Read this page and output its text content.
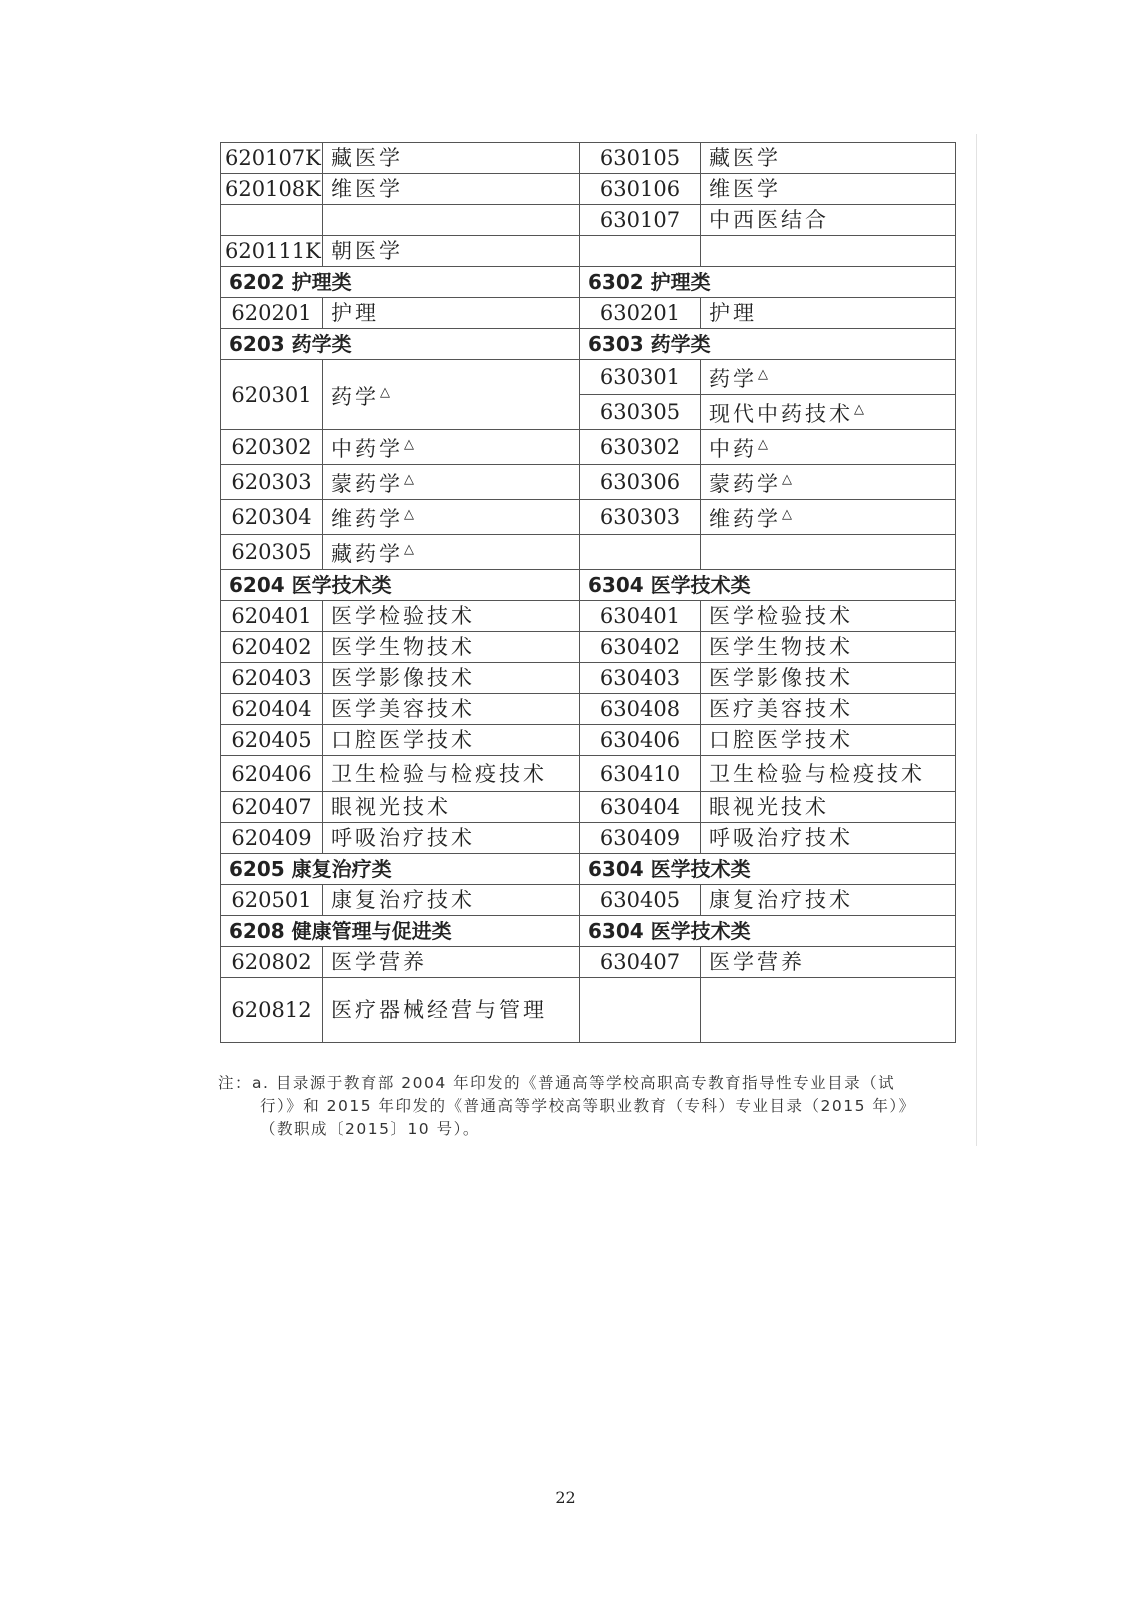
620107K	藏医学	630105	藏医学
620108K	维医学	630106	维医学
		630107	中西医结合
620111K	朝医学		
6202 护理类		6302 护理类	
620201	护理	630201	护理
6203 药学类		6303 药学类	
620301	药学△	630301	药学△
		630305	现代中药技术△
620302	中药学△	630302	中药△
620303	蒙药学△	630306	蒙药学△
620304	维药学△	630303	维药学△
620305	藏药学△		
6204 医学技术类		6304 医学技术类	
620401	医学检验技术	630401	医学检验技术
620402	医学生物技术	630402	医学生物技术
620403	医学影像技术	630403	医学影像技术
620404	医学美容技术	630408	医疗美容技术
620405	口腔医学技术	630406	口腔医学技术
620406	卫生检验与检疫技术	630410	卫生检验与检疫技术
620407	眼视光技术	630404	眼视光技术
620409	呼吸治疗技术	630409	呼吸治疗技术
6205 康复治疗类		6304 医学技术类	
620501	康复治疗技术	630405	康复治疗技术
6208 健康管理与促进类		6304 医学技术类	
620802	医学营养	630407	医学营养
620812	医疗器械经营与管理		
注：a. 目录源于教育部 2004 年印发的《普通高等学校高职高专教育指导性专业目录（试
行）》和 2015 年印发的《普通高等学校高等职业教育（专科）专业目录（2015 年）》
（教职成〔2015〕10 号）。
22
